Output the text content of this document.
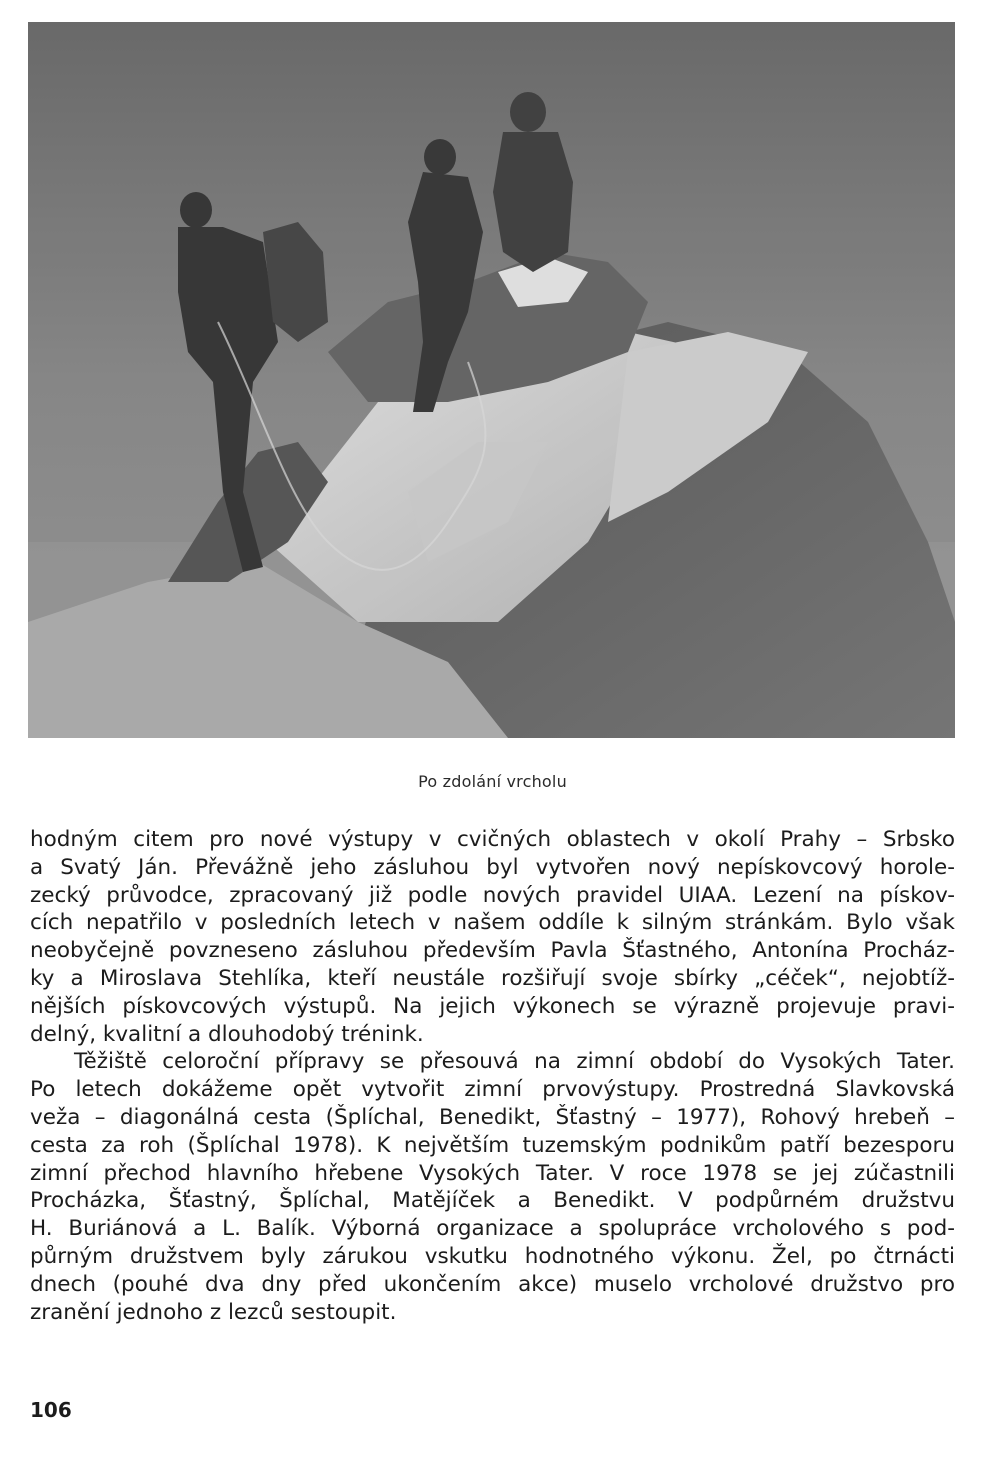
Po zdolání vrcholu
hodným citem pro nové výstupy v cvičných oblastech v okolí Prahy – Srbsko
a Svatý Ján. Převážně jeho zásluhou byl vytvořen nový nepískovcový horole-
zecký průvodce, zpracovaný již podle nových pravidel UIAA. Lezení na pískov-
cích nepatřilo v posledních letech v našem oddíle k silným stránkám. Bylo však
neobyčejně povzneseno zásluhou především Pavla Šťastného, Antonína Procház-
ky a Miroslava Stehlíka, kteří neustále rozšiřují svoje sbírky „céček“, nejobtíž-
nějších pískovcových výstupů. Na jejich výkonech se výrazně projevuje pravi-
delný, kvalitní a dlouhodobý trénink.
Těžiště celoroční přípravy se přesouvá na zimní období do Vysokých Tater.
Po letech dokážeme opět vytvořit zimní prvovýstupy. Prostredná Slavkovská
veža – diagonálná cesta (Šplíchal, Benedikt, Šťastný – 1977), Rohový hrebeň –
cesta za roh (Šplíchal 1978). K největším tuzemským podnikům patří bezesporu
zimní přechod hlavního hřebene Vysokých Tater. V roce 1978 se jej zúčastnili
Procházka, Šťastný, Šplíchal, Matějíček a Benedikt. V podpůrném družstvu
H. Buriánová a L. Balík. Výborná organizace a spolupráce vrcholového s pod-
půrným družstvem byly zárukou vskutku hodnotného výkonu. Žel, po čtrnácti
dnech (pouhé dva dny před ukončením akce) muselo vrcholové družstvo pro
zranění jednoho z lezců sestoupit.
106
